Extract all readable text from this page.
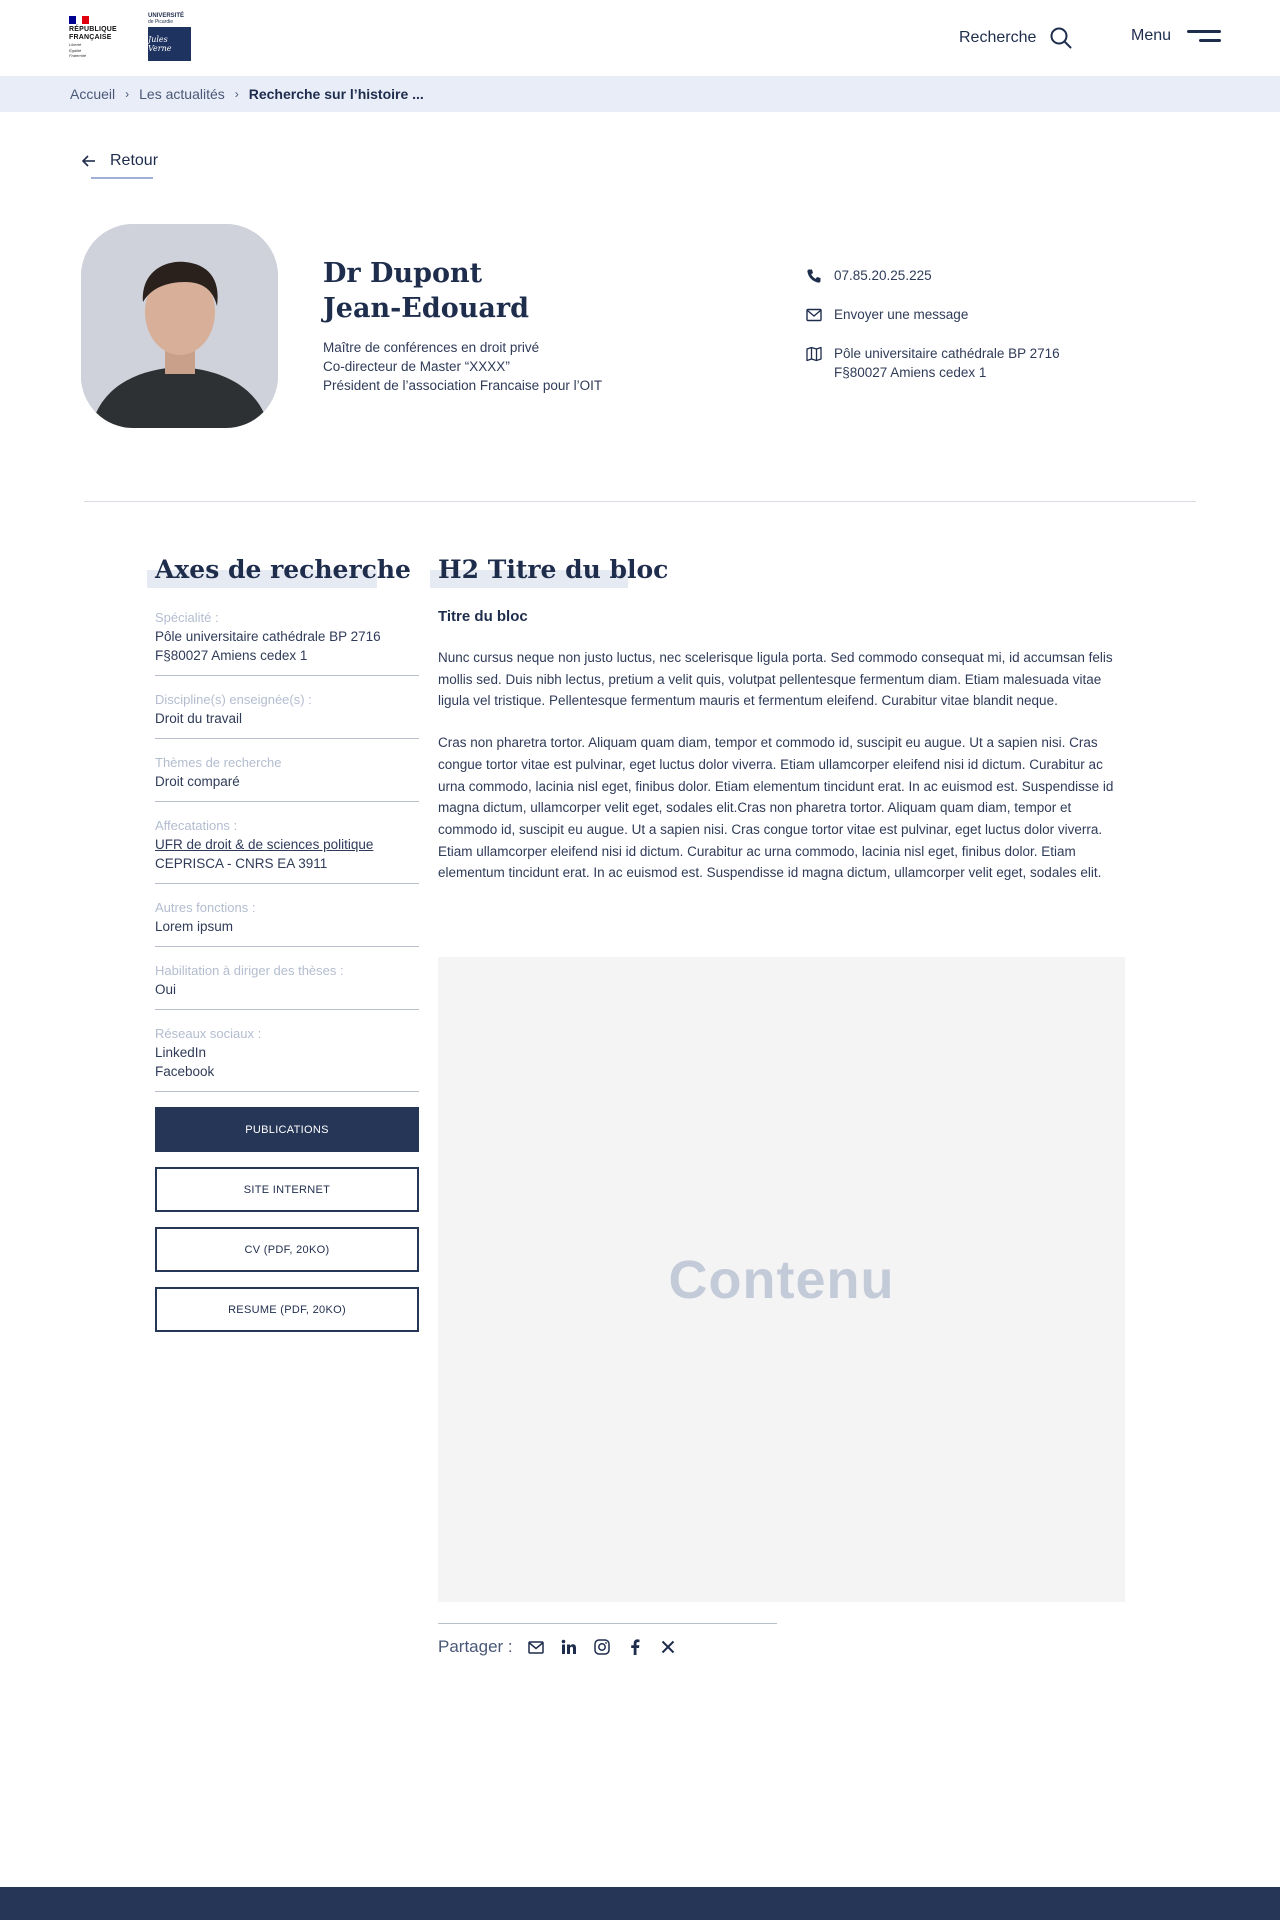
RÉPUBLIQUE
FRANÇAISE
Liberté
Égalité
Fraternité
UNIVERSITÉ
de Picardie
Jules Verne
Recherche	Menu
Accueil › Les actualités › Recherche sur l’histoire ...
Retour
Dr Dupont
Jean-Edouard
Maître de conférences en droit privé
Co-directeur de Master “XXXX”
Président de l’association Francaise pour l’OIT
07.85.20.25.225
Envoyer une message
Pôle universitaire cathédrale BP 2716
F§80027 Amiens cedex 1
Axes de recherche
Spécialité :
Pôle universitaire cathédrale BP 2716
F§80027 Amiens cedex 1
Discipline(s) enseignée(s) :
Droit du travail
Thèmes de recherche
Droit comparé
Affecatations :
UFR de droit & de sciences politique
CEPRISCA - CNRS EA 3911
Autres fonctions :
Lorem ipsum
Habilitation à diriger des thèses :
Oui
Réseaux sociaux :
LinkedIn
Facebook
PUBLICATIONS
SITE INTERNET
CV (PDF, 20KO)
RESUME (PDF, 20KO)
H2 Titre du bloc
Titre du bloc

Nunc cursus neque non justo luctus, nec scelerisque ligula porta. Sed commodo consequat mi, id accumsan felis mollis sed. Duis nibh lectus, pretium a velit quis, volutpat pellentesque fermentum diam. Etiam malesuada vitae ligula vel tristique. Pellentesque fermentum mauris et fermentum eleifend. Curabitur vitae blandit neque.

Cras non pharetra tortor. Aliquam quam diam, tempor et commodo id, suscipit eu augue. Ut a sapien nisi. Cras congue tortor vitae est pulvinar, eget luctus dolor viverra. Etiam ullamcorper eleifend nisi id dictum. Curabitur ac urna commodo, lacinia nisl eget, finibus dolor. Etiam elementum tincidunt erat. In ac euismod est. Suspendisse id magna dictum, ullamcorper velit eget, sodales elit.Cras non pharetra tortor. Aliquam quam diam, tempor et commodo id, suscipit eu augue. Ut a sapien nisi. Cras congue tortor vitae est pulvinar, eget luctus dolor viverra. Etiam ullamcorper eleifend nisi id dictum. Curabitur ac urna commodo, lacinia nisl eget, finibus dolor. Etiam elementum tincidunt erat. In ac euismod est. Suspendisse id magna dictum, ullamcorper velit eget, sodales elit.

Contenu
Partager :
